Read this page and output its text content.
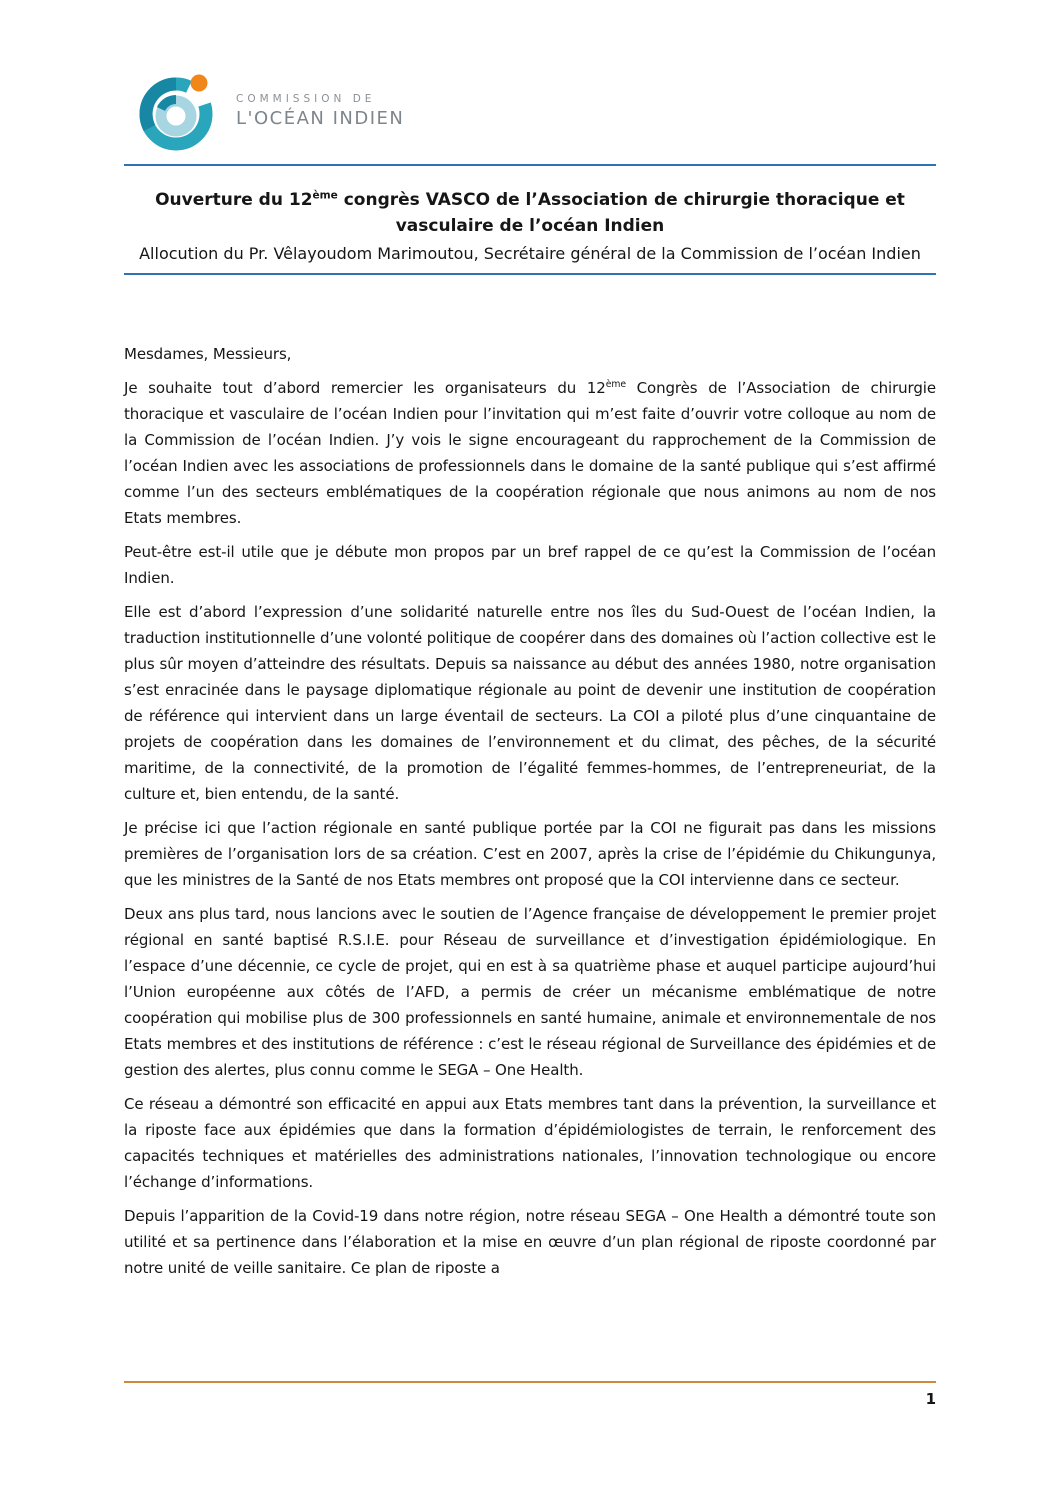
COMMISSION DE
L'OCÉAN INDIEN
Ouverture du 12ème congrès VASCO de l’Association de chirurgie thoracique et vasculaire de l’océan Indien
Allocution du Pr. Vêlayoudom Marimoutou, Secrétaire général de la Commission de l’océan Indien

Mesdames, Messieurs,

Je souhaite tout d’abord remercier les organisateurs du 12ème Congrès de l’Association de chirurgie thoracique et vasculaire de l’océan Indien pour l’invitation qui m’est faite d’ouvrir votre colloque au nom de la Commission de l’océan Indien. J’y vois le signe encourageant du rapprochement de la Commission de l’océan Indien avec les associations de professionnels dans le domaine de la santé publique qui s’est affirmé comme l’un des secteurs emblématiques de la coopération régionale que nous animons au nom de nos Etats membres.

Peut-être est-il utile que je débute mon propos par un bref rappel de ce qu’est la Commission de l’océan Indien.

Elle est d’abord l’expression d’une solidarité naturelle entre nos îles du Sud-Ouest de l’océan Indien, la traduction institutionnelle d’une volonté politique de coopérer dans des domaines où l’action collective est le plus sûr moyen d’atteindre des résultats. Depuis sa naissance au début des années 1980, notre organisation s’est enracinée dans le paysage diplomatique régionale au point de devenir une institution de coopération de référence qui intervient dans un large éventail de secteurs. La COI a piloté plus d’une cinquantaine de projets de coopération dans les domaines de l’environnement et du climat, des pêches, de la sécurité maritime, de la connectivité, de la promotion de l’égalité femmes-hommes, de l’entrepreneuriat, de la culture et, bien entendu, de la santé.

Je précise ici que l’action régionale en santé publique portée par la COI ne figurait pas dans les missions premières de l’organisation lors de sa création. C’est en 2007, après la crise de l’épidémie du Chikungunya, que les ministres de la Santé de nos Etats membres ont proposé que la COI intervienne dans ce secteur.

Deux ans plus tard, nous lancions avec le soutien de l’Agence française de développement le premier projet régional en santé baptisé R.S.I.E. pour Réseau de surveillance et d’investigation épidémiologique. En l’espace d’une décennie, ce cycle de projet, qui en est à sa quatrième phase et auquel participe aujourd’hui l’Union européenne aux côtés de l’AFD, a permis de créer un mécanisme emblématique de notre coopération qui mobilise plus de 300 professionnels en santé humaine, animale et environnementale de nos Etats membres et des institutions de référence : c’est le réseau régional de Surveillance des épidémies et de gestion des alertes, plus connu comme le SEGA – One Health.

Ce réseau a démontré son efficacité en appui aux Etats membres tant dans la prévention, la surveillance et la riposte face aux épidémies que dans la formation d’épidémiologistes de terrain, le renforcement des capacités techniques et matérielles des administrations nationales, l’innovation technologique ou encore l’échange d’informations.

Depuis l’apparition de la Covid-19 dans notre région, notre réseau SEGA – One Health a démontré toute son utilité et sa pertinence dans l’élaboration et la mise en œuvre d’un plan régional de riposte coordonné par notre unité de veille sanitaire. Ce plan de riposte a

1
